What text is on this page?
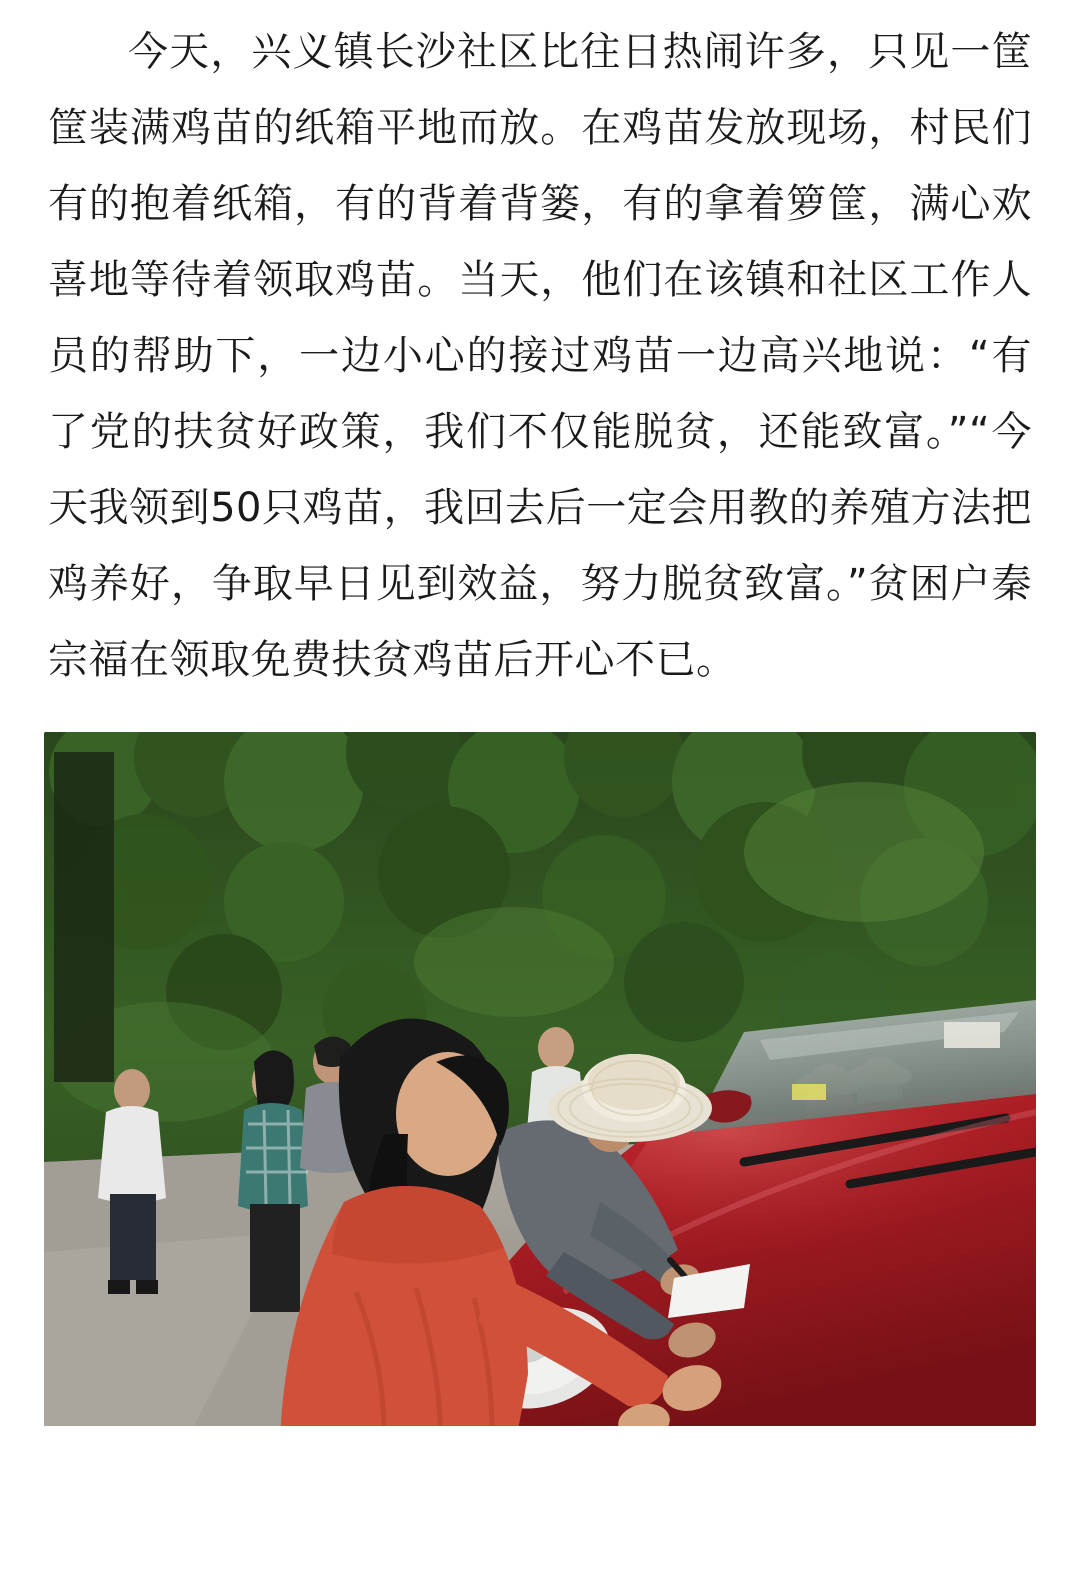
今天，兴义镇长沙社区比往日热闹许多，只见一筐筐装满鸡苗的纸箱平地而放。在鸡苗发放现场，村民们有的抱着纸箱，有的背着背篓，有的拿着箩筐，满心欢喜地等待着领取鸡苗。当天，他们在该镇和社区工作人员的帮助下，一边小心的接过鸡苗一边高兴地说：“有了党的扶贫好政策，我们不仅能脱贫，还能致富。”“今天我领到50只鸡苗，我回去后一定会用教的养殖方法把鸡养好，争取早日见到效益，努力脱贫致富。”贫困户秦宗福在领取免费扶贫鸡苗后开心不已。
